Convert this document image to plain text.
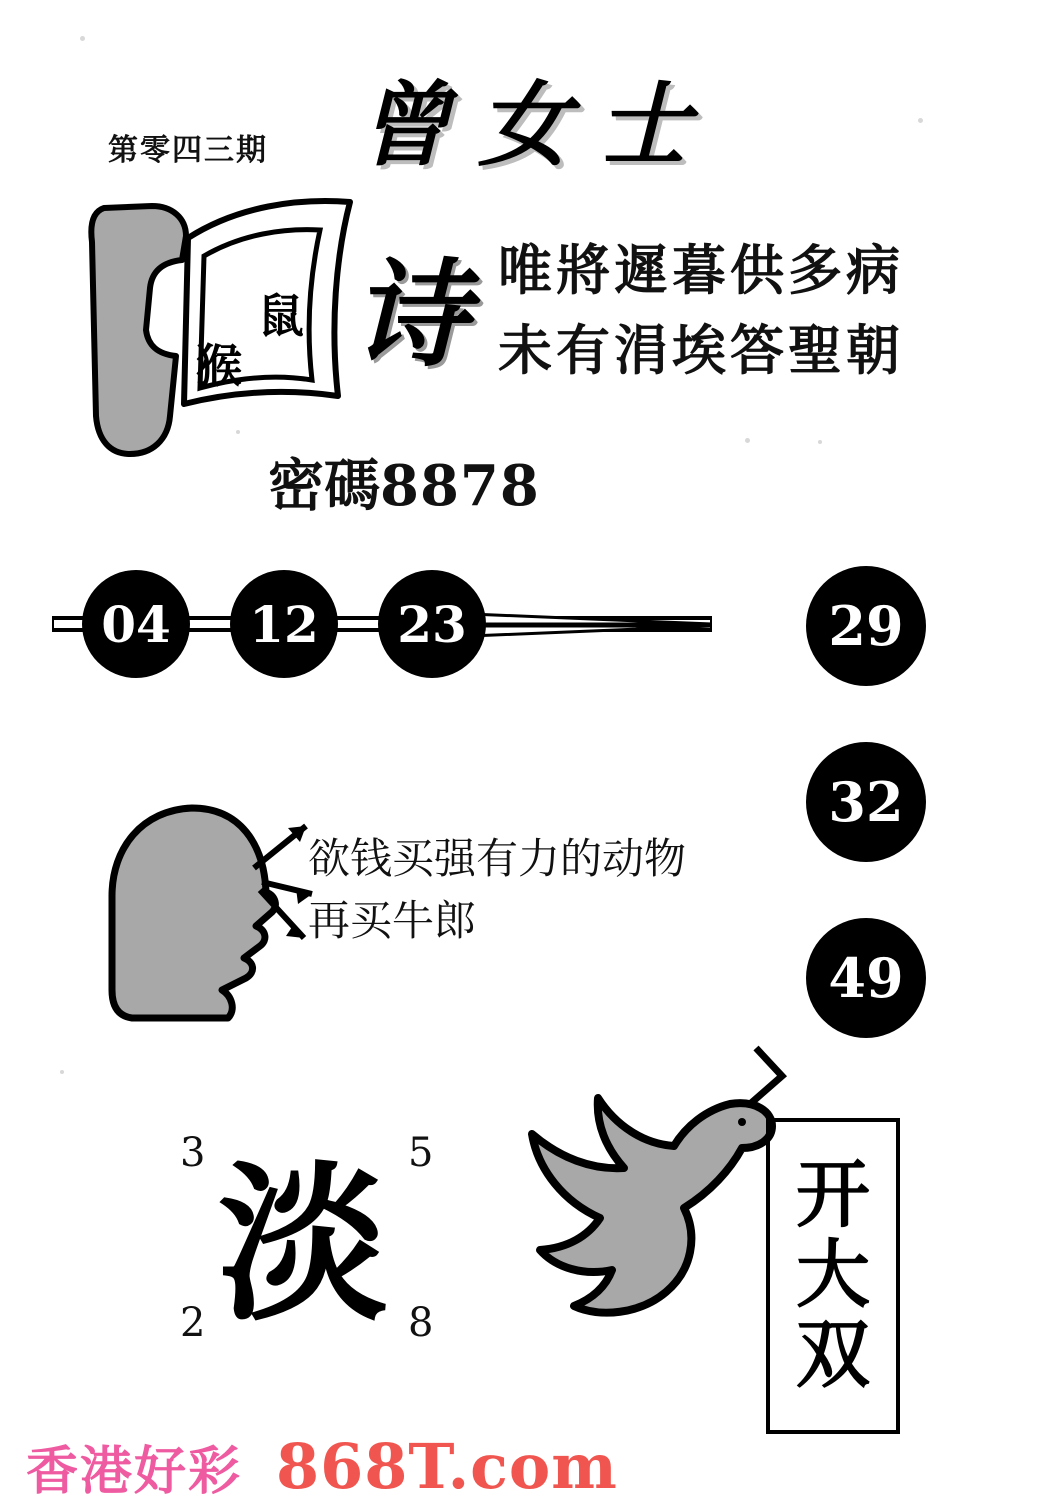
第零四三期 曾女士
鼠
猴 诗 唯將遲暮供多病
未有涓埃答聖朝
密碼8878
04	12	23	29
32
49
欲钱买强有力的动物
再买牛郎
3	5
2	8
淡	开
大
双
香港好彩 868T.com
